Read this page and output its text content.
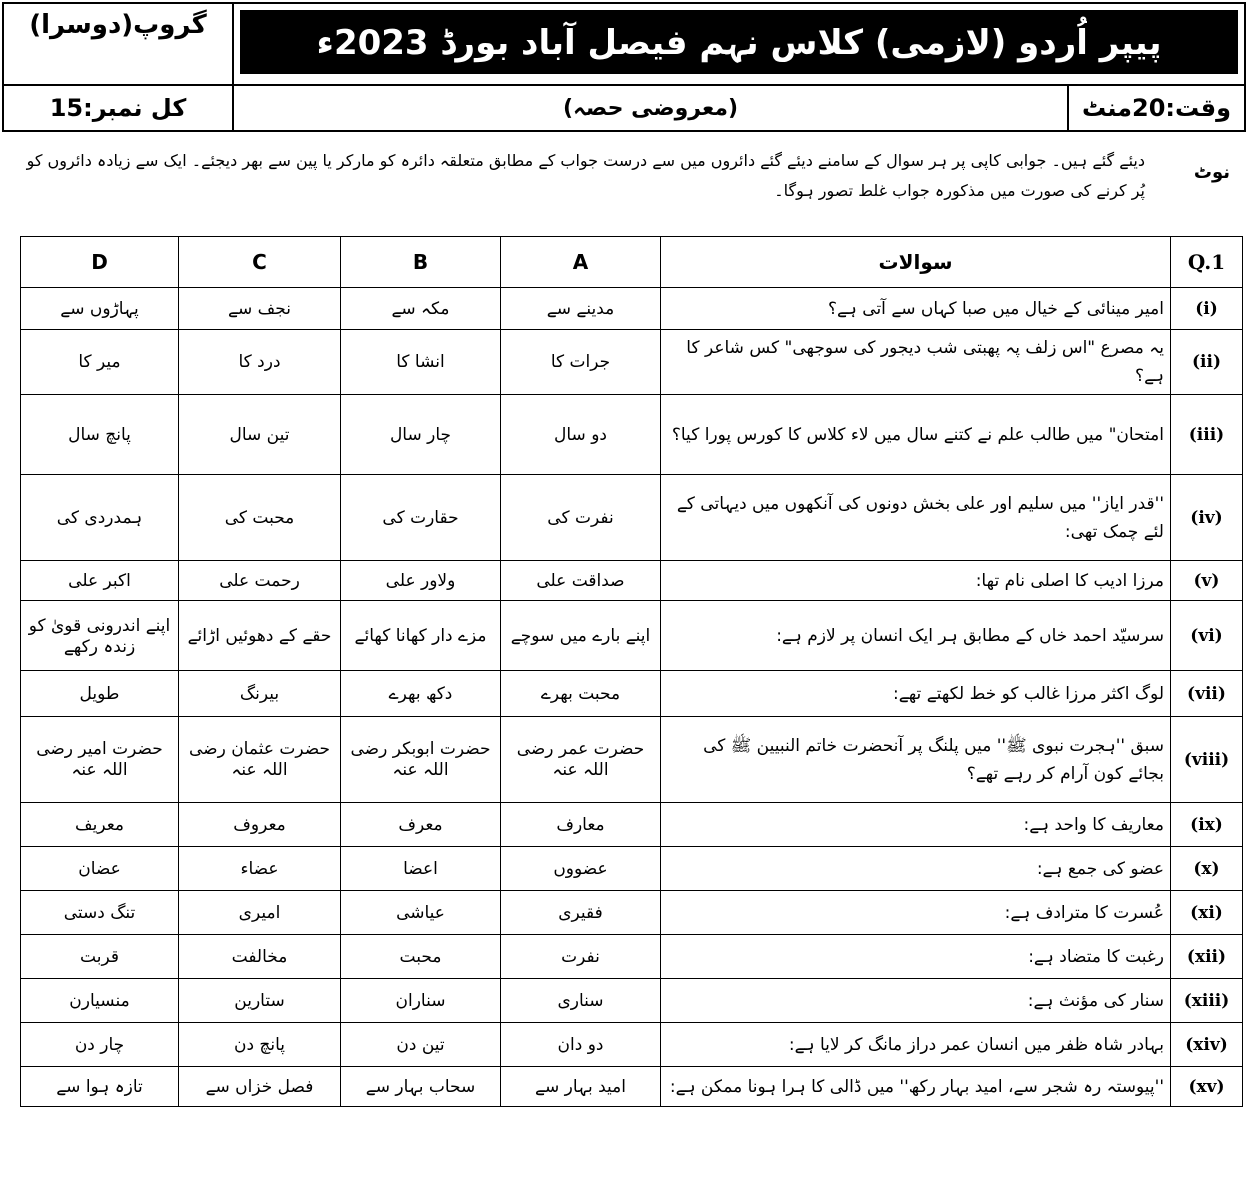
گروپ(دوسرا)	پیپر اُردو (لازمی) کلاس نہم فیصل آباد بورڈ 2023ء
کل نمبر:15	(معروضی حصہ)	وقت:20منٹ
نوٹ
دیئے گئے ہیں۔ جوابی کاپی پر ہر سوال کے سامنے دیئے گئے دائروں میں سے درست جواب کے مطابق متعلقہ دائرہ کو مارکر یا پین سے بھر دیجئے۔ ایک سے زیادہ دائروں کو پُر کرنے کی صورت میں مذکورہ جواب غلط تصور ہوگا۔
D	C	B	A	سوالات	Q.1
پہاڑوں سے	نجف سے	مکہ سے	مدینے سے	امیر مینائی کے خیال میں صبا کہاں سے آتی ہے؟	(i)
میر کا	درد کا	انشا کا	جرات کا	یہ مصرع "اس زلف پہ پھبتی شب دیجور کی سوجھی" کس شاعر کا ہے؟	(ii)
پانچ سال	تین سال	چار سال	دو سال	امتحان" میں طالب علم نے کتنے سال میں لاء کلاس کا کورس پورا کیا؟	(iii)
ہمدردی کی	محبت کی	حقارت کی	نفرت کی	''قدر ایاز'' میں سلیم اور علی بخش دونوں کی آنکھوں میں دیہاتی کے لئے چمک تھی:	(iv)
اکبر علی	رحمت علی	ولاور علی	صداقت علی	مرزا ادیب کا اصلی نام تھا:	(v)
اپنے اندرونی قویٰ کو زندہ رکھے	حقے کے دھوئیں اڑائے	مزے دار کھانا کھائے	اپنے بارے میں سوچے	سرسیّد احمد خاں کے مطابق ہر ایک انسان پر لازم ہے:	(vi)
طویل	بیرنگ	دکھ بھرے	محبت بھرے	لوگ اکثر مرزا غالب کو خط لکھتے تھے:	(vii)
حضرت امیر رضی اللہ عنہ	حضرت عثمان رضی اللہ عنہ	حضرت ابوبکر رضی اللہ عنہ	حضرت عمر رضی اللہ عنہ	سبق ''ہجرت نبوی ﷺ'' میں پلنگ پر آنحضرت خاتم النبیین ﷺ کی بجائے کون آرام کر رہے تھے؟	(viii)
معریف	معروف	معرف	معارف	معاریف کا واحد ہے:	(ix)
عضان	عضاء	اعضا	عضووں	عضو کی جمع ہے:	(x)
تنگ دستی	امیری	عیاشی	فقیری	عُسرت کا مترادف ہے:	(xi)
قربت	مخالفت	محبت	نفرت	رغبت کا متضاد ہے:	(xii)
منسیارن	ستارین	سناران	سناری	سنار کی مؤنث ہے:	(xiii)
چار دن	پانچ دن	تین دن	دو دان	بہادر شاہ ظفر میں انسان عمر دراز مانگ کر لایا ہے:	(xiv)
تازہ ہوا سے	فصل خزاں سے	سحاب بہار سے	امید بہار سے	''پیوستہ رہ شجر سے، امید بہار رکھ'' میں ڈالی کا ہرا ہونا ممکن ہے:	(xv)
